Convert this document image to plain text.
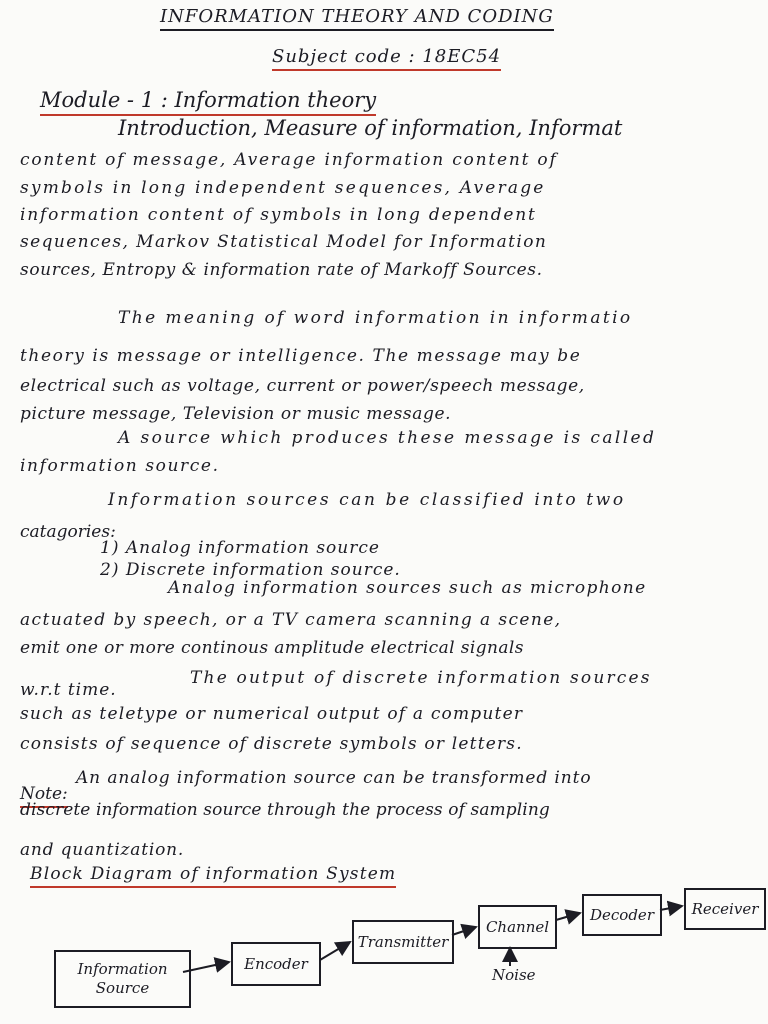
INFORMATION THEORY AND CODING
Subject code : 18EC54
Module - 1 : Information theory
Introduction, Measure of information, Informat
content of message, Average information content of
symbols in long independent sequences, Average
information content of symbols in long dependent
sequences, Markov Statistical Model for Information
sources, Entropy & information rate of Markoff Sources.
The meaning of word information in informatio
theory is message or intelligence. The message may be
electrical such as voltage, current or power/speech message,
picture message, Television or music message.
A source which produces these message is called
information source.
Information sources can be classified into two
catagories:
1) Analog information source
2) Discrete information source.
Analog information sources such as microphone
actuated by speech, or a TV camera scanning a scene,
emit one or more continous amplitude electrical signals
w.r.t time.
The output of discrete information sources
such as teletype or numerical output of a computer
consists of sequence of discrete symbols or letters.
Note:
An analog information source can be transformed into
discrete information source through the process of sampling
and quantization.
Block Diagram of information System
Information Source
Encoder
Transmitter
Channel
Decoder	Receiver
Noise
